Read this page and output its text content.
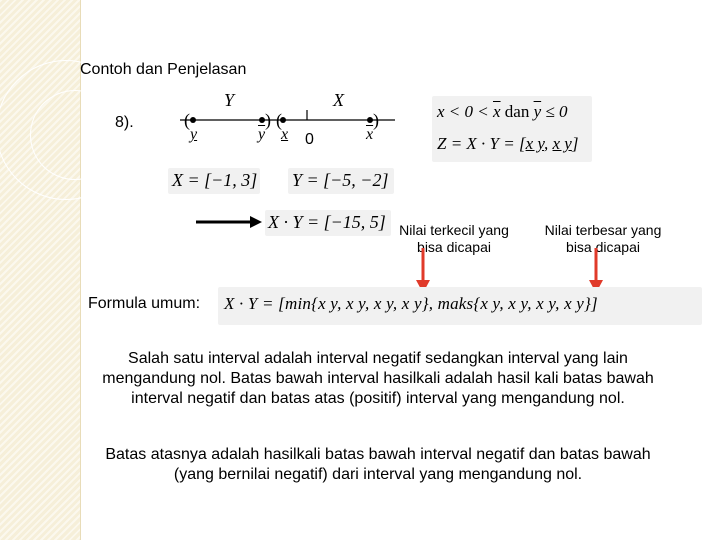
Contoh dan Penjelasan
8).	(	) (	)
Y	X
0
y	$\overline{y}$ x	$\overline{x}$
$x < 0 < \overline{x}$ dan $\overline{y} \le 0$
Z = X · Y = [x y, x y]
X = [−1, 3] Y = [−5, −2]
X · Y = [−15, 5] Nilai terkecil yang bisa dicapai
Nilai terbesar yang bisa dicapai
Formula umum: X · Y = [min{x y, x y, x y, x y}, maks{x y, x y, x y, x y}]
Salah satu interval adalah interval negatif sedangkan interval yang lain mengandung nol. Batas bawah interval hasilkali adalah hasil kali batas bawah interval negatif dan batas atas (positif) interval yang mengandung nol.
Batas atasnya adalah hasilkali batas bawah interval negatif dan batas bawah (yang bernilai negatif) dari interval yang mengandung nol.
